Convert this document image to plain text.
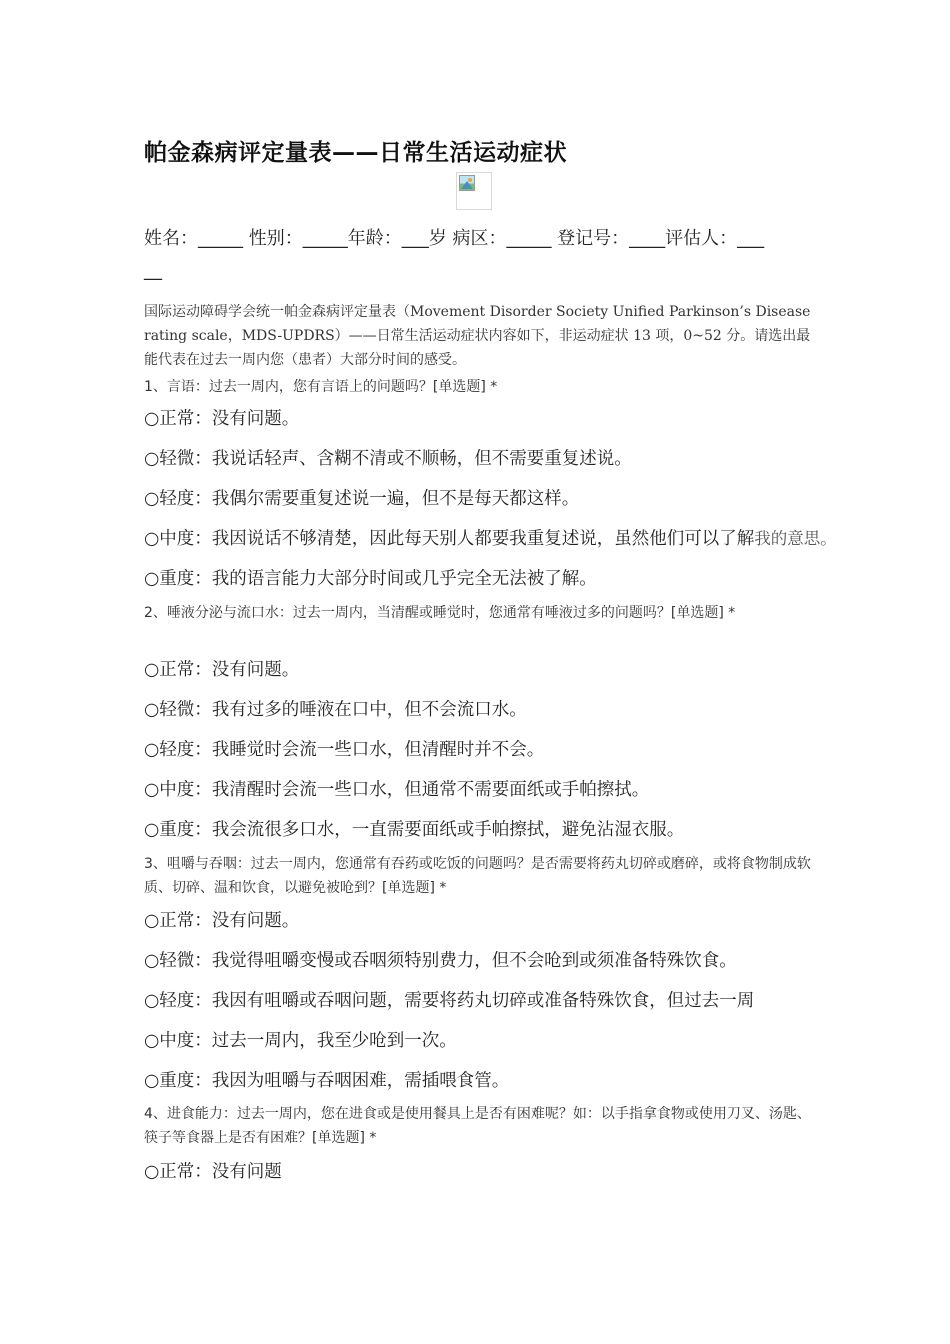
帕金森病评定量表——日常生活运动症状
姓名：_____ 性别：_____年龄：___岁 病区：_____ 登记号：____评估人：___
__
国际运动障碍学会统一帕金森病评定量表（Movement Disorder Society Unified Parkinson’s Disease rating scale，MDS-UPDRS）——日常生活运动症状内容如下，非运动症状 13 项，0~52 分。请选出最能代表在过去一周内您（患者）大部分时间的感受。
1、言语：过去一周内，您有言语上的问题吗？[单选题] *
○正常：没有问题。
○轻微：我说话轻声、含糊不清或不顺畅，但不需要重复述说。
○轻度：我偶尔需要重复述说一遍，但不是每天都这样。
○中度：我因说话不够清楚，因此每天别人都要我重复述说，虽然他们可以了解我的意思。
○重度：我的语言能力大部分时间或几乎完全无法被了解。
2、唾液分泌与流口水：过去一周内，当清醒或睡觉时，您通常有唾液过多的问题吗？[单选题] *
○正常：没有问题。
○轻微：我有过多的唾液在口中，但不会流口水。
○轻度：我睡觉时会流一些口水，但清醒时并不会。
○中度：我清醒时会流一些口水，但通常不需要面纸或手帕擦拭。
○重度：我会流很多口水，一直需要面纸或手帕擦拭，避免沾湿衣服。
3、咀嚼与吞咽：过去一周内，您通常有吞药或吃饭的问题吗？是否需要将药丸切碎或磨碎，或将食物制成软质、切碎、温和饮食，以避免被呛到？[单选题] *
○正常：没有问题。
○轻微：我觉得咀嚼变慢或吞咽须特别费力，但不会呛到或须准备特殊饮食。
○轻度：我因有咀嚼或吞咽问题，需要将药丸切碎或准备特殊饮食，但过去一周
○中度：过去一周内，我至少呛到一次。
○重度：我因为咀嚼与吞咽困难，需插喂食管。
4、进食能力：过去一周内，您在进食或是使用餐具上是否有困难呢？如：以手指拿食物或使用刀叉、汤匙、筷子等食器上是否有困难？[单选题] *
○正常：没有问题
